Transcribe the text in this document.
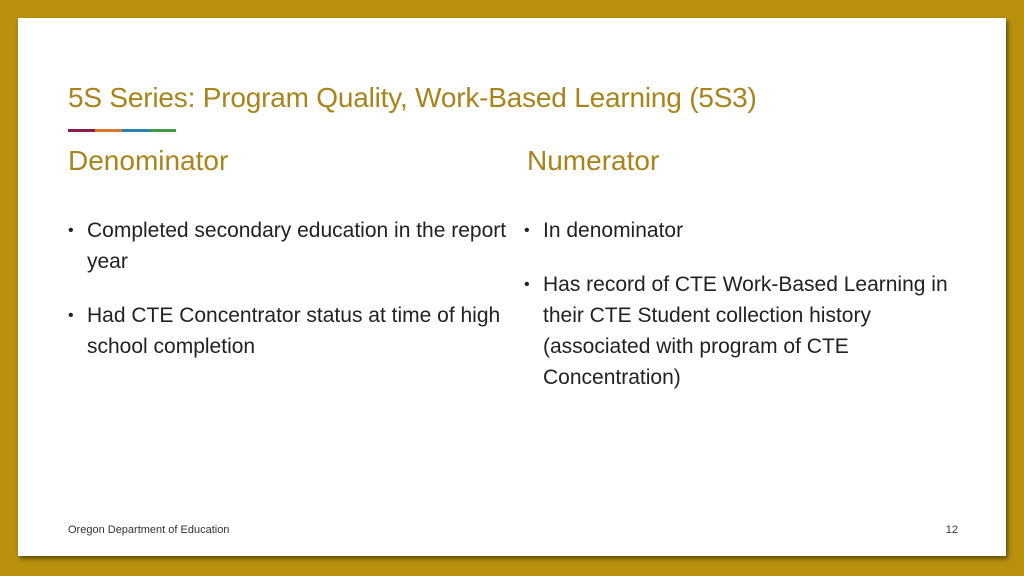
5S Series: Program Quality, Work-Based Learning (5S3)
Denominator	Numerator
• Completed secondary education in the report year
• Had CTE Concentrator status at time of high school completion
• In denominator
• Has record of CTE Work-Based Learning in their CTE Student collection history (associated with program of CTE Concentration)
Oregon Department of Education	12
